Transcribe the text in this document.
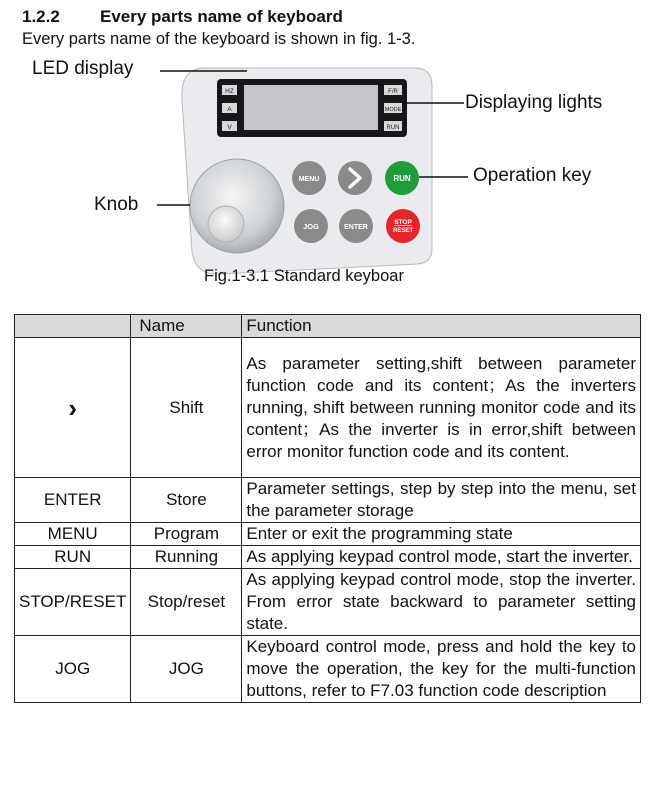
1.2.2 Every parts name of keyboard
Every parts name of the keyboard is shown in fig. 1-3.
HZ
A
V
F/R
MODE
RUN
MENU	RUN
JOG	ENTER
STOP
RESET
LED display
Displaying lights
Operation key
Knob
Fig.1-3.1 Standard keyboar
	Name	Function
›	Shift	As parameter setting,shift between parameter function code and its content；As the inverters running, shift between running monitor code and its content；As the inverter is in error,shift between error monitor function code and its content.
ENTER	Store	Parameter settings, step by step into the menu, set the parameter storage
MENU	Program	Enter or exit the programming state
RUN	Running	As applying keypad control mode, start the inverter.
STOP/RESET	Stop/reset	As applying keypad control mode, stop the inverter. From error state backward to parameter setting state.
JOG	JOG	Keyboard control mode, press and hold the key to move the operation, the key for the multi-function buttons, refer to F7.03 function code description
